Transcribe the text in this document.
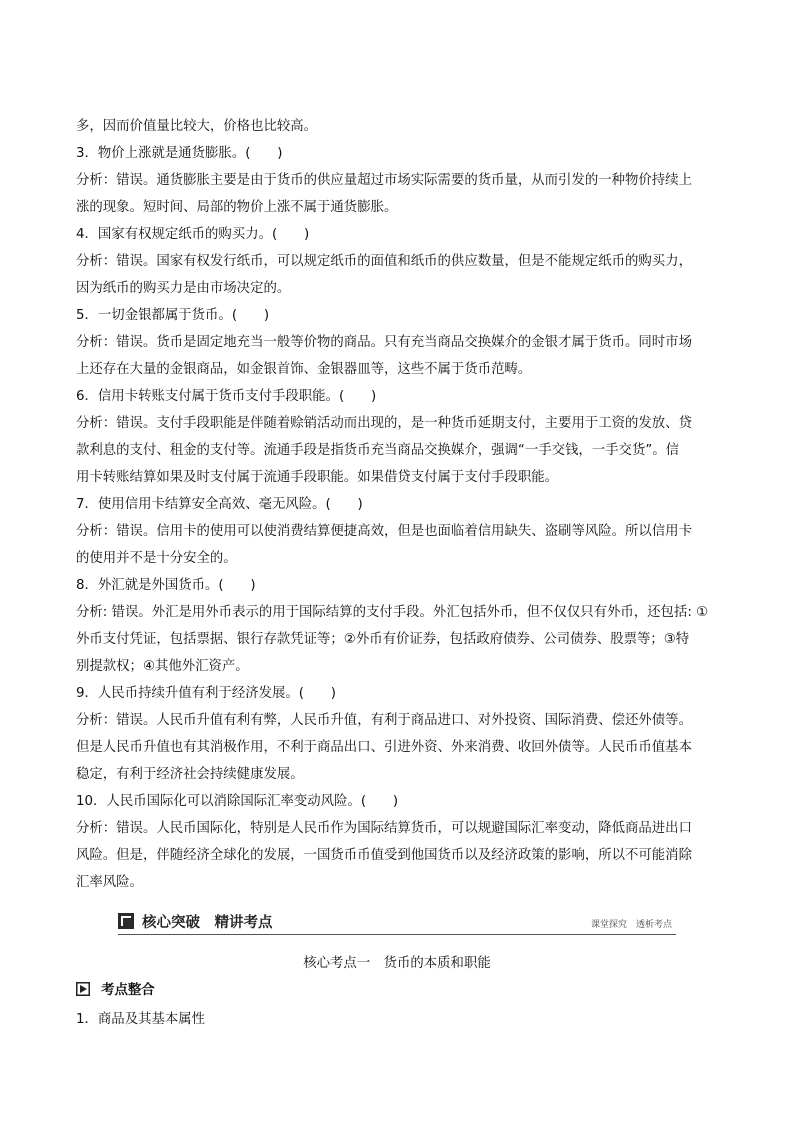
多，因而价值量比较大，价格也比较高。
3．物价上涨就是通货膨胀。(　　)
分析：错误。通货膨胀主要是由于货币的供应量超过市场实际需要的货币量，从而引发的一种物价持续上
涨的现象。短时间、局部的物价上涨不属于通货膨胀。
4．国家有权规定纸币的购买力。(　　)
分析：错误。国家有权发行纸币，可以规定纸币的面值和纸币的供应数量，但是不能规定纸币的购买力，
因为纸币的购买力是由市场决定的。
5．一切金银都属于货币。(　　)
分析：错误。货币是固定地充当一般等价物的商品。只有充当商品交换媒介的金银才属于货币。同时市场
上还存在大量的金银商品，如金银首饰、金银器皿等，这些不属于货币范畴。
6．信用卡转账支付属于货币支付手段职能。(　　)
分析：错误。支付手段职能是伴随着赊销活动而出现的，是一种货币延期支付，主要用于工资的发放、贷
款利息的支付、租金的支付等。流通手段是指货币充当商品交换媒介，强调“一手交钱，一手交货”。信
用卡转账结算如果及时支付属于流通手段职能。如果借贷支付属于支付手段职能。
7．使用信用卡结算安全高效、毫无风险。(　　)
分析：错误。信用卡的使用可以使消费结算便捷高效，但是也面临着信用缺失、盗刷等风险。所以信用卡
的使用并不是十分安全的。
8．外汇就是外国货币。(　　)
分析: 错误。外汇是用外币表示的用于国际结算的支付手段。外汇包括外币，但不仅仅只有外币，还包括: ①
外币支付凭证，包括票据、银行存款凭证等；②外币有价证券，包括政府债券、公司债券、股票等；③特
别提款权；④其他外汇资产。
9．人民币持续升值有利于经济发展。(　　)
分析：错误。人民币升值有利有弊，人民币升值，有利于商品进口、对外投资、国际消费、偿还外债等。
但是人民币升值也有其消极作用，不利于商品出口、引进外资、外来消费、收回外债等。人民币币值基本
稳定，有利于经济社会持续健康发展。
10．人民币国际化可以消除国际汇率变动风险。(　　)
分析：错误。人民币国际化，特别是人民币作为国际结算货币，可以规避国际汇率变动，降低商品进出口
风险。但是，伴随经济全球化的发展，一国货币币值受到他国货币以及经济政策的影响，所以不可能消除
汇率风险。
核心突破　精讲考点	课堂探究　透析考点
核心考点一　货币的本质和职能
考点整合
1．商品及其基本属性
